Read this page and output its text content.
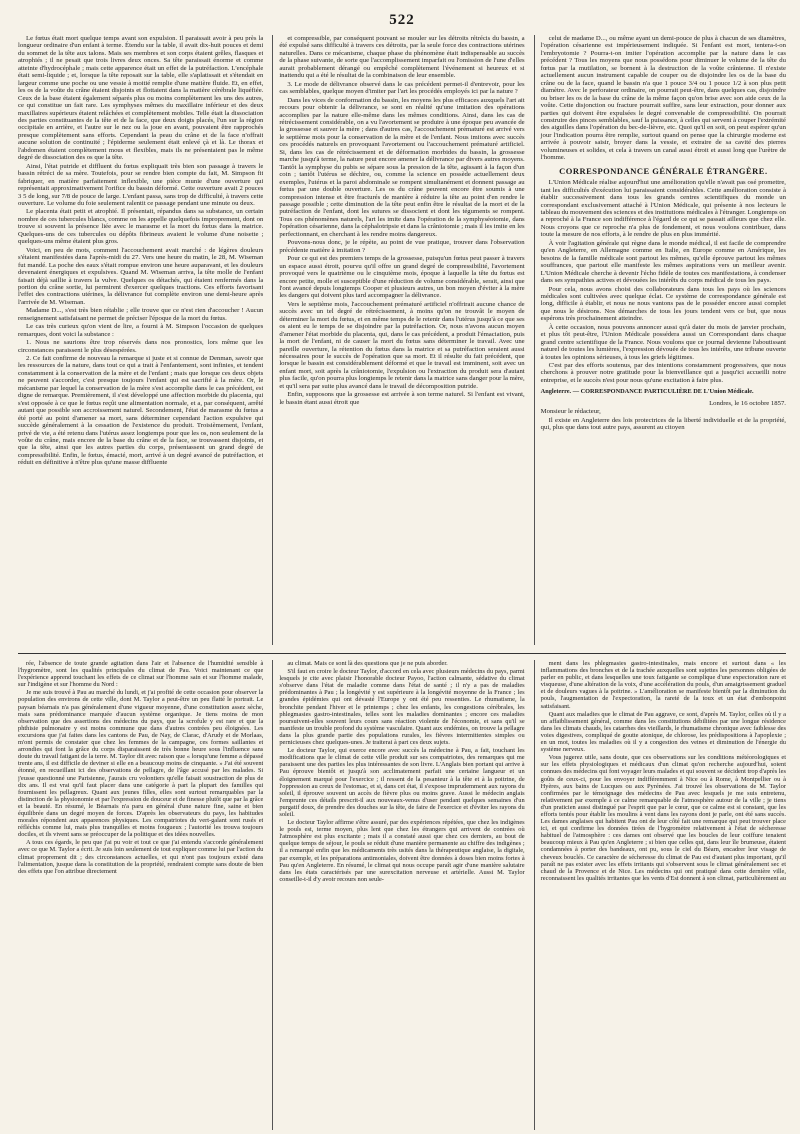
522

Le fœtus était mort quelque temps avant son expulsion. Il paraissait avoir à peu près la longueur ordinaire d'un enfant à terme. Étendu sur la table, il avait dix-huit pouces et demi du sommet de la tête aux talons. Mais ses membres et son corps étaient grêles, flasques et atrophiés ; il ne pesait que trois livres deux onces. Sa tête paraissait énorme et comme atteinte d'hydrocéphale ; mais cette apparence était un effet de la putréfaction. L'encéphale était semi-liquide ; et, lorsque la tête reposait sur la table, elle s'aplatissait et s'étendait en largeur comme une poche ou une vessie à moitié remplie d'une matière fluide. Et, en effet, les os de la voûte du crâne étaient disjoints et flottaient dans la matière cérébrale liquéfiée. Ceux de la base étaient également séparés plus ou moins complètement les uns des autres, ce qui constitue un fait rare. Les symphyses mêmes du maxillaire inférieur et des deux maxillaires supérieurs étaient relâchées et complètement mobiles. Telle était la dissociation des parties constituantes de la tête et de la face, que deux doigts placés, l'un sur la région occipitale en arrière, et l'autre sur le nez ou la joue en avant, pouvaient être rapprochés presque complètement sans efforts. Cependant la peau du crâne et de la face n'offrait aucune solution de continuité ; l'épiderme seulement était enlevé çà et là. Le thorax et l'abdomen étaient complètement mous et flexibles, mais ils ne présentaient pas le même degré de dissociation des os que la tête.

Ainsi, l'état putride et diffluent du fœtus expliquait très bien son passage à travers le bassin rétréci de sa mère. Toutefois, pour se rendre bien compte du fait, M. Simpson fit fabriquer, en matière parfaitement inflexible, une pièce munie d'une ouverture qui représentait approximativement l'orifice du bassin déformé. Cette ouverture avait 2 pouces 3 5 de long, sur 7/8 de pouce de large. L'enfant passa, sans trop de difficulté, à travers cette ouverture. Le volume du foie seulement ralentit ce passage pendant une minute ou deux.

Le placenta était petit et atrophié. Il présentait, répandus dans sa substance, un certain nombre de ces tubercules blancs, comme on les appelle quelquefois improprement, dont on trouve si souvent la présence liée avec le marasme et la mort du fœtus dans la matrice. Quelques-uns de ces tubercules ou dépôts fibrineux avaient le volume d'une noisette ; quelques-uns même étaient plus gros.

Voici, en peu de mots, comment l'accouchement avait marché : de légères douleurs s'étaient manifestées dans l'après-midi du 27. Vers une heure du matin, le 28, M. Wiseman fut mandé. La poche des eaux s'était rompue environ une heure auparavant, et les douleurs devenaient énergiques et expulsives. Quand M. Wiseman arriva, la tête molle de l'enfant faisait déjà saillie à travers la vulve. Quelques os détachés, qui étaient renfermés dans la portion du crâne sortie, lui permirent d'exercer quelques tractions. Ces efforts favorisant l'effet des contractions utérines, la délivrance fut complète environ une demi-heure après l'arrivée de M. Wiseman.

Madame D..., s'est très bien rétablie ; elle trouve que ce n'est rien d'accoucher ! Aucun renseignement satisfaisant ne permet de préciser l'époque de la mort du fœtus.

Le cas très curieux qu'on vient de lire, a fourni à M. Simpson l'occasion de quelques remarques, dont voici la substance :

1. Nous ne saurions être trop réservés dans nos pronostics, lors même que les circonstances paraissent le plus désespérées.

2. Ce fait confirme de nouveau la remarque si juste et si connue de Denman, savoir que les ressources de la nature, dans tout ce qui a trait à l'enfantement, sont infinies, et tendent constamment à la conservation de la mère et de l'enfant ; mais que lorsque ces deux objets ne peuvent s'accorder, c'est presque toujours l'enfant qui est sacrifié à la mère. Or, le mécanisme par lequel la conservation de la mère s'est accomplie dans le cas précédent, est digne de remarque. Premièrement, il s'est développé une affection morbide du placenta, qui s'est opposée à ce que le fœtus reçût une alimentation normale, et a, par conséquent, arrêté autant que possible son accroissement naturel. Secondement, l'état de marasme du fœtus a été porté au point d'amener sa mort, sans déterminer cependant l'action expulsive qui succède généralement à la cessation de l'existence du produit. Troisièmement, l'enfant, privé de vie, a été retenu dans l'utérus assez longtemps pour que les os, non seulement de la voûte du crâne, mais encore de la base du crâne et de la face, se trouvassent disjoints, et que la tête, ainsi que les autres parties du corps, présentassent un grand degré de compressibilité. Enfin, le fœtus, émacié, mort, arrivé à un degré avancé de putréfaction, et réduit en définitive à n'être plus qu'une masse diffluente

et compressible, par conséquent pouvant se mouler sur les détroits rétrécis du bassin, a été expulsé sans difficulté à travers ces détroits, par la seule force des contractions utérines naturelles. Dans ce mécanisme, chaque phase du phénomène était indispensable au succès de la phase suivante, de sorte que l'accomplissement imparfait ou l'omission de l'une d'elles aurait probablement dérangé ou empêché complètement l'événement si heureux et si inattendu qui a été le résultat de la combinaison de leur ensemble.

3. Le mode de délivrance observé dans le cas précédent permet-il d'entrevoir, pour les cas semblables, quelque moyen d'imiter par l'art les procédés employés ici par la nature ?

Dans les vices de conformation du bassin, les moyens les plus efficaces auxquels l'art ait recours pour obtenir la délivrance, se sont en réalité qu'une imitation des opérations accomplies par la nature elle-même dans les mêmes conditions. Ainsi, dans les cas de rétrécissement considérable, on a vu l'avortement se produire à une époque peu avancée de la grossesse et sauver la mère ; dans d'autres cas, l'accouchement prématuré est arrivé vers le septième mois pour la conservation de la mère et de l'enfant. Nous imitons avec succès ces procédés naturels en provoquant l'avortement ou l'accouchement prématuré artificiel. Si, dans les cas de rétrécissement et de déformation morbides du bassin, la grossesse marche jusqu'à terme, la nature peut encore amener la délivrance par divers autres moyens. Tantôt la symphyse du pubis se sépare sous la pression de la tête, agissant à la façon d'un coin ; tantôt l'utérus se déchire, ou, comme la science en possède actuellement deux exemples, l'utérus et la paroi abdominale se rompent simultanément et donnent passage au fœtus par une double ouverture. Les os du crâne peuvent encore être soumis à une compression intense et être fracturés de manière à réduire la tête au point d'en rendre le passage possible ; cette diminution de la tête peut enfin être le résultat de la mort et de la putréfaction de l'enfant, dont les sutures se dissocient et dont les téguments se rompent. Tous ces phénomènes naturels, l'art les imite dans l'opération de la symphyséotomie, dans l'opération césarienne, dans la céphalotripsie et dans la crâniotomie ; mais il les imite en les perfectionnant, en cherchant à les rendre moins dangereux.

Pouvons-nous donc, je le répète, au point de vue pratique, trouver dans l'observation précédente matière à imitation ?

Pour ce qui est des premiers temps de la grossesse, puisqu'un fœtus peut passer à travers un espace aussi étroit, pourvu qu'il offre un grand degré de compressibilité, l'avortement provoqué vers le quatrième ou le cinquième mois, époque à laquelle la tête du fœtus est encore petite, molle et susceptible d'une réduction de volume considérable, serait, ainsi que l'ont avancé depuis longtemps Cooper et plusieurs autres, un bon moyen d'éviter à la mère les dangers qui doivent plus tard accompagner la délivrance.

Vers le septième mois, l'accouchement prématuré artificiel n'offrirait aucune chance de succès avec un tel degré de rétrécissement, à moins qu'on ne trouvât le moyen de déterminer la mort du fœtus, et en même temps de le retenir dans l'utérus jusqu'à ce que ses os aient eu le temps de se disjoindre par la putréfaction. Or, nous n'avons aucun moyen d'amener l'état morbide du placenta, qui, dans le cas précédent, a produit l'émaciation, puis la mort de l'enfant, ni de causer la mort du fœtus sans déterminer le travail. Avec une pareille ouverture, la rétention du fœtus dans la matrice et sa putréfaction seraient aussi nécessaires pour le succès de l'opération que sa mort. Et il résulte du fait précédent, que lorsque le bassin est considérablement déformé et que le travail est imminent, soit avec un enfant mort, soit après la crâniotomie, l'expulsion ou l'extraction du produit sera d'autant plus facile, qu'on pourra plus longtemps le retenir dans la matrice sans danger pour la mère, et qu'il sera par suite plus avancé dans le travail de décomposition putride.

Enfin, supposons que la grossesse est arrivée à son terme naturel. Si l'enfant est vivant, le bassin étant aussi étroit que

celui de madame D..., ou même ayant un demi-pouce de plus à chacun de ses diamètres, l'opération césarienne est impérieusement indiquée. Si l'enfant est mort, tentera-t-on l'embryotomie ? Pourra-t-on imiter l'opération accomplie par la nature dans le cas précédent ? Tous les moyens que nous possédons pour diminuer le volume de la tête du fœtus par la mutilation, se bornent à la destruction de la voûte crânienne. Il n'existe actuellement aucun instrument capable de couper ou de disjoindre les os de la base du crâne ou de la face, quand le bassin n'a que 1 pouce 3/4 ou 1 pouce 1/2 à son plus petit diamètre. Avec le perforateur ordinaire, on pourrait peut-être, dans quelques cas, disjoindre ou briser les os de la base du crâne de la même façon qu'on brise avec son aide ceux de la voûte. Cette disjonction ou fracture pourrait suffire, sans leur extraction, pour donner aux parties qui doivent être expulsées le degré convenable de compressibilité. On pourrait construire des pinces semblables, sauf la puissance, à celles qui servent à couper l'extrémité des aiguilles dans l'opération du bec-de-lièvre, etc. Quoi qu'il en soit, on peut espérer qu'un jour l'indication pourra être remplie, surtout quand on pense que la chirurgie moderne est arrivée à pouvoir saisir, broyer dans la vessie, et extraire de sa cavité des pierres volumineuses et solides, et cela à travers un canal aussi étroit et aussi long que l'urètre de l'homme.

CORRESPONDANCE GÉNÉRALE ÉTRANGÈRE.

L'Union Médicale réalise aujourd'hui une amélioration qu'elle n'avait pas osé promettre, tant les difficultés d'exécution lui paraissaient considérables. Cette amélioration consiste à établir successivement dans tous les grands centres scientifiques du monde un correspondant exclusivement attaché à l'Union Médicale, qui présente à nos lecteurs le tableau du mouvement des sciences et des institutions médicales à l'étranger. Longtemps on a reproché à la France son indifférence à l'égard de ce qui se passait ailleurs que chez elle. Nous croyons que ce reproche n'a plus de fondement, et nous voulons contribuer, dans toute la mesure de nos efforts, à le rendre de plus en plus immérité.

À voir l'agitation générale qui règne dans le monde médical, il est facile de comprendre qu'en Angleterre, en Allemagne comme en Italie, en Europe comme en Amérique, les besoins de la famille médicale sont partout les mêmes, qu'elle éprouve partout les mêmes souffrances, que partout elle manifeste les mêmes aspirations vers un meilleur avenir. L'Union Médicale cherche à devenir l'écho fidèle de toutes ces manifestations, à condenser dans ses sympathies actives et dévouées les intérêts du corps médical de tous les pays.

Pour cela, nous avons choisi des collaborateurs dans tous les pays où les sciences médicales sont cultivées avec quelque éclat. Ce système de correspondance générale est long, difficile à établir, et nous ne nous vantons pas de le posséder encore aussi complet que nous le désirons. Nos démarches de tous les jours tendent vers ce but, que nous espérons très prochainement atteindre.

À cette occasion, nous pouvons annoncer aussi qu'à dater du mois de janvier prochain, et plus tôt peut-être, l'Union Médicale possédera aussi un Correspondant dans chaque grand centre scientifique de la France. Nous voulons que ce journal devienne l'aboutissant naturel de toutes les lumières, l'expression dévouée de tous les intérêts, une tribune ouverte à toutes les opinions sérieuses, à tous les griefs légitimes.

C'est par des efforts soutenus, par des intentions constamment progressives, que nous cherchons à prouver notre gratitude pour la bienveillance qui a jusqu'ici accueilli notre entreprise, et le succès n'est pour nous qu'une excitation à faire plus.

Angleterre. — CORRESPONDANCE PARTICULIÈRE DE L'Union Médicale.
Londres, le 16 octobre 1857.

Monsieur le rédacteur,

Il existe en Angleterre des lois protectrices de la liberté individuelle et de la propriété, qui, plus que dans tout autre pays, assurent au citoyen

rée, l'absence de toute grande agitation dans l'air et l'absence de l'humidité sensible à l'hygromètre, sont les qualités principales du climat de Pau. Voici maintenant ce que l'expérience apprend touchant les effets de ce climat sur l'homme sain et sur l'homme malade, sur l'indigène et sur l'homme du Nord :

Je me suis trouvé à Pau au marché du lundi, et j'ai profité de cette occasion pour observer la population des environs de cette ville, dont M. Taylor a peut-être un peu flatté le portrait. Le paysan béarnais n'a pas généralement d'une vigueur moyenne, d'une constitution assez sèche, mais sans prédominance marquée d'aucun système organique. Je tiens moins de mon observation que des assertions des médecins du pays, que la scrofule y est rare et que la phthisie pulmonaire y est moins commune que dans d'autres contrées peu éloignées. Les excursions que j'ai faites dans les cantons de Pau, de Nay, de Clarac, d'Arudy et de Morlaas, m'ont permis de constater que chez les femmes de la campagne, ces formes saillantes et arrondies qui font la grâce du corps disparaissent de très bonne heure sous l'influence sans doute du travail fatigant de la terre. M. Taylor dit avec raison que « lorsqu'une femme a dépassé trente ans, il est difficile de deviner si elle en a beaucoup moins de cinquante. » J'ai été souvent étonné, en recueillant ici des observations de pellagre, de l'âge accusé par les malades. Si j'eusse questionné une Parisienne, j'aurais cru volontiers qu'elle faisait soustraction de plus de dix ans. Il est vrai qu'il faut placer dans une catégorie à part la plupart des familles qui fournissent les pellagreux. Quant aux jeunes filles, elles sont surtout remarquables par la distinction de la physionomie et par l'expression de douceur et de finesse plutôt que par la grâce et la beauté. En résumé, le Béarnais n'a paru en général d'une nature fine, saine et bien équilibrée dans un degré moyen de forces. D'après les observateurs du pays, les habitudes morales répondent aux apparences physiques. Les compatriotes du vert-galant sont rusés et réfléchis comme lui, mais plus tranquilles et moins fougueux ; l'autorité les trouva toujours dociles, et ils vivent sans se préoccuper de la politique et des idées nouvelles.

A tous ces égards, le peu que j'ai pu voir et tout ce que j'ai entendu s'accorde généralement avec ce que M. Taylor a écrit. Je suis loin seulement de tout expliquer comme lui par l'action du climat proprement dit ; des circonstances actuelles, et qui n'ont pas toujours existé dans l'alimentation, jusque dans la constitution de la propriété, rendraient compte sans doute de bien des effets que l'on attribue directement

au climat. Mais ce sont là des questions que je ne puis aborder.

S'il faut en croire le docteur Taylor, d'accord en cela avec plusieurs médecins du pays, parmi lesquels je cite avec plaisir l'honorable docteur Payoo, l'action calmante, sédative du climat s'observe dans l'état de maladie comme dans l'état de santé ; il n'y a pas de maladies prédominantes à Pau ; la longévité y est supérieure à la longévité moyenne de la France ; les grandes épidémies qui ont dévasté l'Europe y ont été peu ressenties. Le rhumatisme, la bronchite pendant l'hiver et le printemps ; chez les enfants, les congestions cérébrales, les phlegmasies gastro-intestinales, telles sont les maladies dominantes ; encore ces maladies poursuivent-elles souvent leurs cours sans réaction violente de l'économie, et sans qu'il se manifeste un trouble profond du système vasculaire. Quant aux endémies, on trouve la pellagre dans la plus grande partie des populations rurales, les fièvres intermittentes simples ou pernicieuses chez quelques-unes. Je traiterai à part ces deux sujets.

Le docteur Taylor, qui exerce encore avec succès la médecine à Pau, a fait, touchant les modifications que le climat de cette ville produit sur ses compatriotes, des remarques qui me paraissent une des parties les plus intéressantes de son livre. L'Anglais bien portant qui arrive à Pau éprouve bientôt et jusqu'à son acclimatement parfait une certaine langueur et un éloignement marqué pour l'exercice ; il ressent de la pesanteur à la tête et à la poitrine, de l'oppression au creux de l'estomac, et si, dans cet état, il s'expose imprudemment aux rayons du soleil, il éprouve souvent un accès de fièvre plus ou moins grave. Aussi le médecin anglais l'emprunte ces détails prescrit-il aux nouveaux-venus d'user pendant quelques semaines d'un purgatif doux, de prendre des douches sur la tête, de faire de l'exercice et d'éviter les rayons du soleil.

Le docteur Taylor affirme s'être assuré, par des expériences répétées, que chez les indigènes le pouls est, terme moyen, plus lent que chez les étrangers qui arrivent de contrées où l'atmosphère est plus excitante ; mais il a constaté aussi que chez ces derniers, au bout de quelque temps de séjour, le pouls se réduit d'une manière permanente au chiffre des indigènes ; il a remarqué enfin que les médicaments très usités dans la thérapeutique anglaise, la digitale, par exemple, et les préparations antimoniales, doivent être données à doses bien moins fortes à Pau qu'en Angleterre. En résumé, le climat qui nous occupe paraît agir d'une manière salutaire dans les états caractérisés par une surexcitation nerveuse et artérielle. Aussi M. Taylor conseille-t-il d'y avoir recours non seule-

ment dans les phlegmasies gastro-intestinales, mais encore et surtout dans « les inflammations des bronches et de la trachée auxquelles sont sujettes les personnes obligées de parler en public, et dans lesquelles une toux fatigante se complique d'une expectoration rare et visqueuse, d'une altération de la voix, d'une accélération du pouls, d'un amaigrissement graduel et de douleurs vagues à la poitrine. » L'amélioration se manifeste bientôt par la diminution du pouls, l'augmentation de l'expectoration, la rareté de la toux et un état d'embonpoint satisfaisant.

Quant aux maladies que le climat de Pau aggrave, ce sont, d'après M. Taylor, celles où il y a un affaiblissement général, comme dans les constitutions débilitées par une longue résidence dans les climats chauds, les catarrhes des vieillards, le rhumatisme chronique avec faiblesse des voies digestives, compliqué de goutte atonique, de chlorose, les prédispositions à l'apoplexie ; en un mot, toutes les maladies où il y a congestion des veines et diminution de l'énergie du système nerveux.

Vous jugerez utile, sans doute, que ces observations sur les conditions météorologiques et sur les effets physiologiques et médicaux d'un climat qu'on recherche aujourd'hui, soient connues des médecins qui font voyager leurs malades et qui souvent se décident trop d'après les goûts de ceux-ci, pour les envoyer indifféremment à Nice ou à Rome, à Montpellier ou à Hyères, aux bains de Lucques ou aux Pyrénées. J'ai trouvé les observations de M. Taylor confirmées par le témoignage des médecins de Pau avec lesquels je me suis entretenu, relativement par exemple à ce calme remarquable de l'atmosphère autour de la ville ; je tiens d'un praticien aussi distingué par l'esprit que par le cœur, que ce calme est si constant, que les efforts tentés pour établir les moulins à vent dans les rayons dont je parle, ont été sans succès. Les dames anglaises qui habitent Pau ont de leur côté fait une remarque qui peut trouver place ici, et qui confirme les données tirées de l'hygromètre relativement à l'état de sécheresse habituel de l'atmosphère : ces dames ont observé que les boucles de leur coiffure tenaient beaucoup mieux à Pau qu'en Angleterre ; si bien que celles qui, dans leur île brumeuse, étaient condamnées à porter des bandeaux, ont pu, sous le ciel du Béarn, encadrer leur visage de cheveux bouclés. Ce caractère de sécheresse du climat de Pau est d'autant plus important, qu'il paraît ne pas exister avec les effets irritants qui s'observent sous le climat généralement sec et chaud de la Provence et de Nice. Les médecins qui ont pratiqué dans cette dernière ville, reconnaissent les qualités irritantes que les vents d'Est donnent à son climat, particulièrement au
